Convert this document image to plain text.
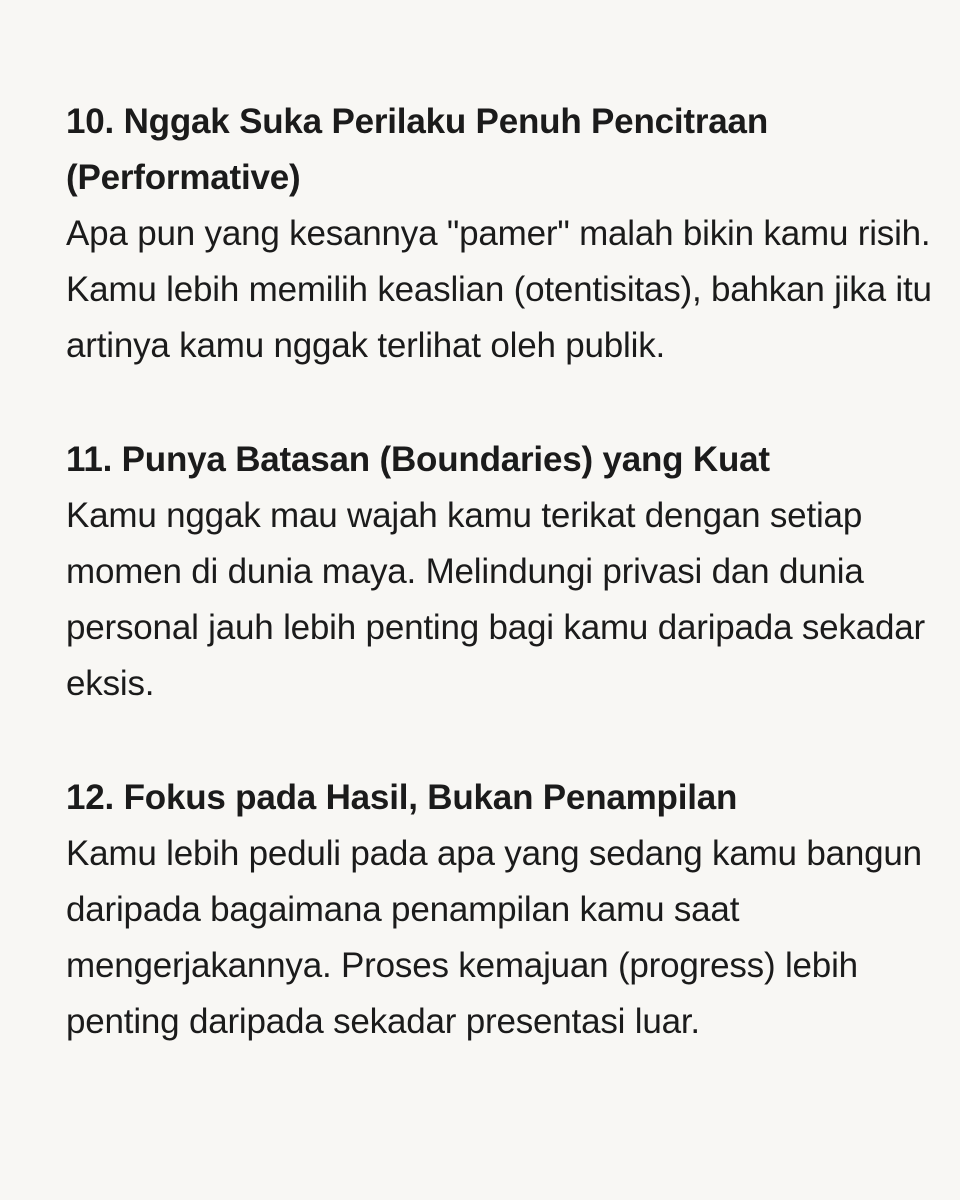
10. Nggak Suka Perilaku Penuh Pencitraan (Performative)

Apa pun yang kesannya "pamer" malah bikin kamu risih. Kamu lebih memilih keaslian (otentisitas), bahkan jika itu artinya kamu nggak terlihat oleh publik.

11. Punya Batasan (Boundaries) yang Kuat

Kamu nggak mau wajah kamu terikat dengan setiap momen di dunia maya. Melindungi privasi dan dunia personal jauh lebih penting bagi kamu daripada sekadar eksis.

12. Fokus pada Hasil, Bukan Penampilan

Kamu lebih peduli pada apa yang sedang kamu bangun daripada bagaimana penampilan kamu saat mengerjakannya. Proses kemajuan (progress) lebih penting daripada sekadar presentasi luar.
